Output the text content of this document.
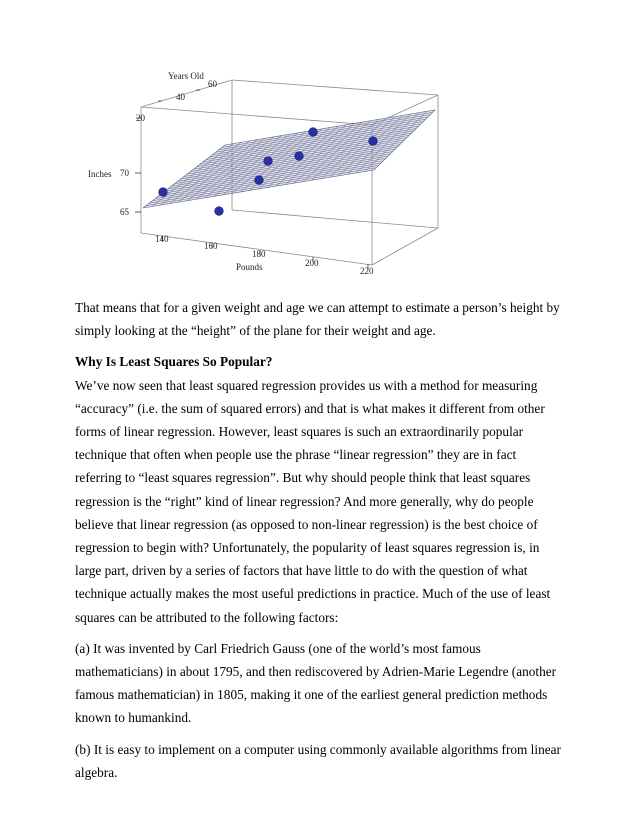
20
40
60
Years Old
70
65
Inches
140
160
180
200
220
Pounds

That means that for a given weight and age we can attempt to estimate a person’s height by simply looking at the “height” of the plane for their weight and age.

Why Is Least Squares So Popular?

We’ve now seen that least squared regression provides us with a method for measuring “accuracy” (i.e. the sum of squared errors) and that is what makes it different from other forms of linear regression. However, least squares is such an extraordinarily popular technique that often when people use the phrase “linear regression” they are in fact referring to “least squares regression”. But why should people think that least squares regression is the “right” kind of linear regression? And more generally, why do people believe that linear regression (as opposed to non-linear regression) is the best choice of regression to begin with? Unfortunately, the popularity of least squares regression is, in large part, driven by a series of factors that have little to do with the question of what technique actually makes the most useful predictions in practice. Much of the use of least squares can be attributed to the following factors:

(a) It was invented by Carl Friedrich Gauss (one of the world’s most famous mathematicians) in about 1795, and then rediscovered by Adrien-Marie Legendre (another famous mathematician) in 1805, making it one of the earliest general prediction methods known to humankind.

(b) It is easy to implement on a computer using commonly available algorithms from linear algebra.
